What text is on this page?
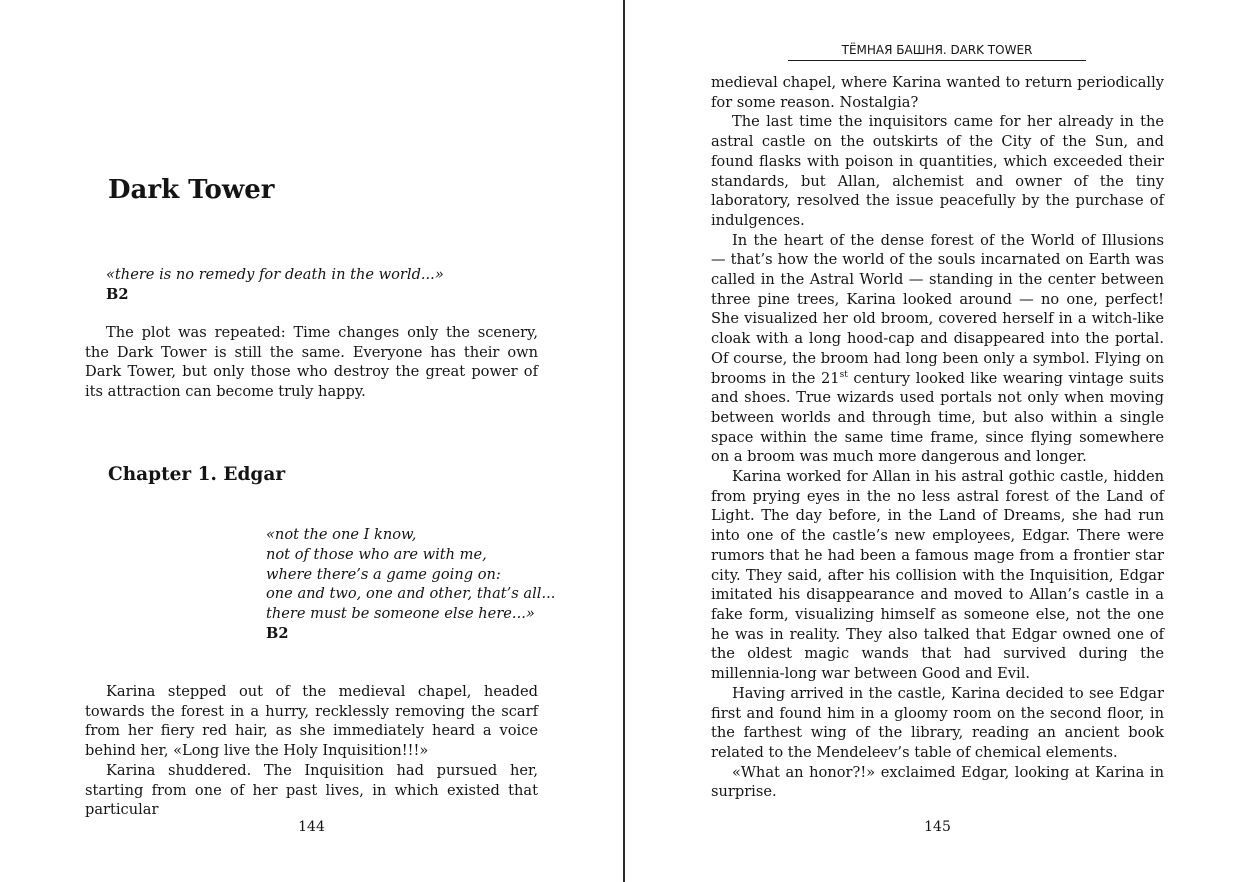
Dark Tower
«there is no remedy for death in the world...»
B2

The plot was repeated: Time changes only the scenery, the Dark Tower is still the same. Everyone has their own Dark Tower, but only those who destroy the great power of its attraction can become truly happy.

Chapter 1. Edgar
«not the one I know,
not of those who are with me,
where there’s a game going on:
one and two, one and other, that’s all...
there must be someone else here...»
B2

Karina stepped out of the medieval chapel, headed towards the forest in a hurry, recklessly removing the scarf from her fiery red hair, as she immediately heard a voice behind her, «Long live the Holy Inquisition!!!»

Karina shuddered. The Inquisition had pursued her, starting from one of her past lives, in which existed that particular

144
ТЁМНАЯ БАШНЯ. DARK TOWER

medieval chapel, where Karina wanted to return periodically for some reason. Nostalgia?

The last time the inquisitors came for her already in the astral castle on the outskirts of the City of the Sun, and found flasks with poison in quantities, which exceeded their standards, but Allan, alchemist and owner of the tiny laboratory, resolved the issue peacefully by the purchase of indulgences.

In the heart of the dense forest of the World of Illusions — that’s how the world of the souls incarnated on Earth was called in the Astral World — standing in the center between three pine trees, Karina looked around — no one, perfect! She visualized her old broom, covered herself in a witch-like cloak with a long hood-cap and disappeared into the portal. Of course, the broom had long been only a symbol. Flying on brooms in the 21st century looked like wearing vintage suits and shoes. True wizards used portals not only when moving between worlds and through time, but also within a single space within the same time frame, since flying somewhere on a broom was much more dangerous and longer.

Karina worked for Allan in his astral gothic castle, hidden from prying eyes in the no less astral forest of the Land of Light. The day before, in the Land of Dreams, she had run into one of the castle’s new employees, Edgar. There were rumors that he had been a famous mage from a frontier star city. They said, after his collision with the Inquisition, Edgar imitated his disappearance and moved to Allan’s castle in a fake form, visualizing himself as someone else, not the one he was in reality. They also talked that Edgar owned one of the oldest magic wands that had survived during the millennia-long war between Good and Evil.

Having arrived in the castle, Karina decided to see Edgar first and found him in a gloomy room on the second floor, in the farthest wing of the library, reading an ancient book related to the Mendeleev’s table of chemical elements.

«What an honor?!» exclaimed Edgar, looking at Karina in surprise.

145
